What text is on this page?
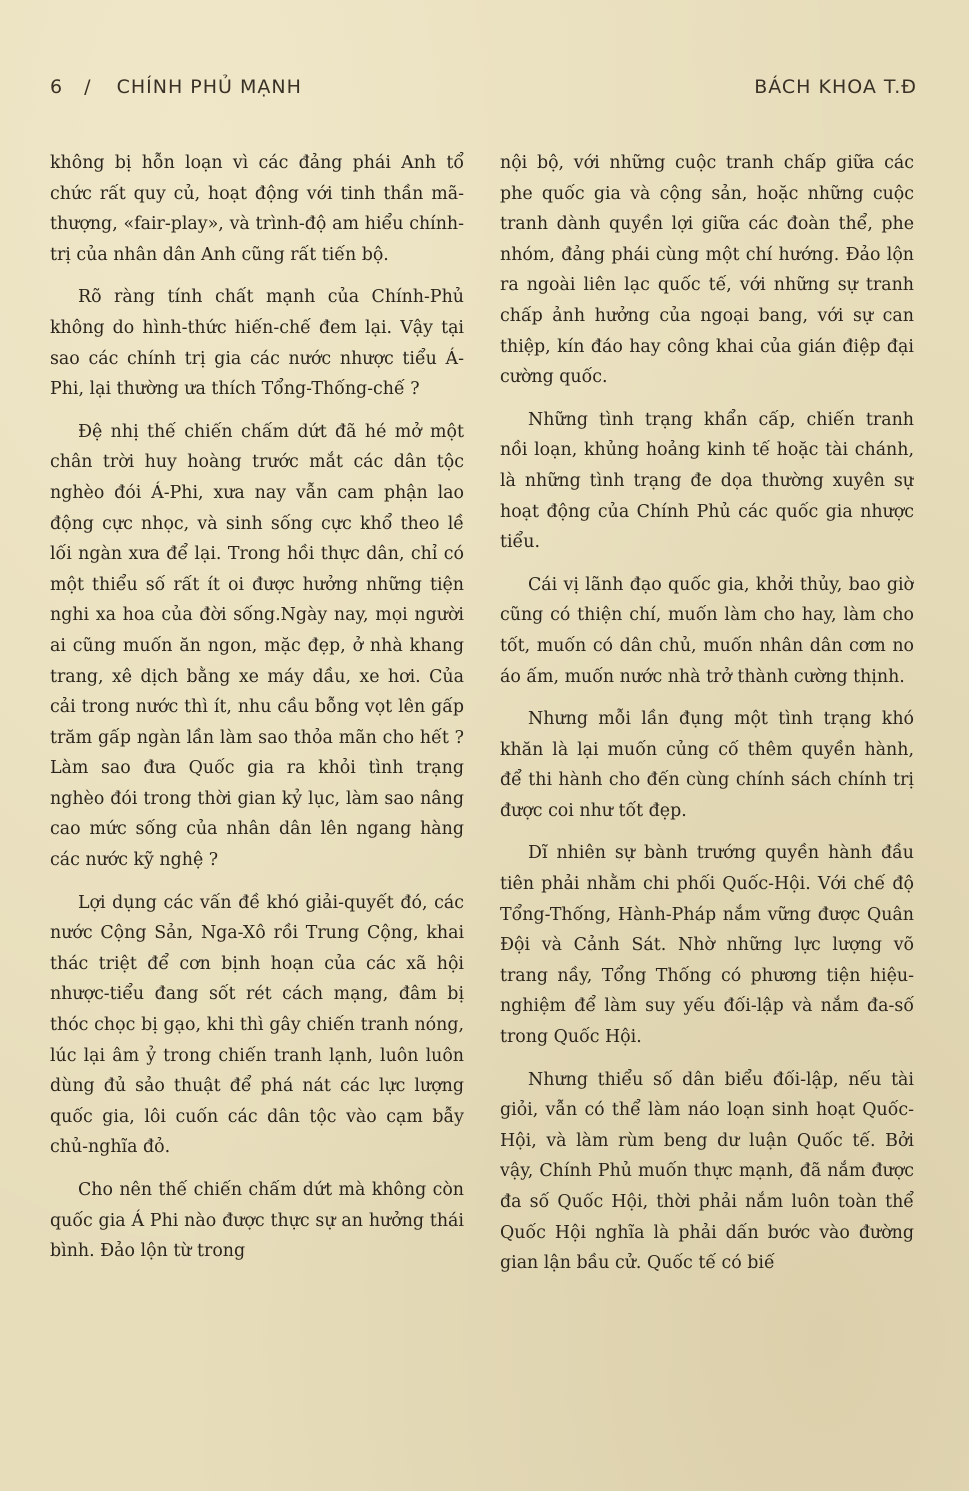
6 / CHÍNH PHỦ MẠNH	BÁCH KHOA T.Đ

không bị hỗn loạn vì các đảng phái Anh tổ chức rất quy củ, hoạt động với tinh thần mã-thượng, «fair-play», và trình-độ am hiểu chính-trị của nhân dân Anh cũng rất tiến bộ.

Rõ ràng tính chất mạnh của Chính-Phủ không do hình-thức hiến-chế đem lại. Vậy tại sao các chính trị gia các nước nhược tiểu Á-Phi, lại thường ưa thích Tổng-Thống-chế ?

Đệ nhị thế chiến chấm dứt đã hé mở một chân trời huy hoàng trước mắt các dân tộc nghèo đói Á-Phi, xưa nay vẫn cam phận lao động cực nhọc, và sinh sống cực khổ theo lề lối ngàn xưa để lại. Trong hồi thực dân, chỉ có một thiểu số rất ít oi được hưởng những tiện nghi xa hoa của đời sống.Ngày nay, mọi người ai cũng muốn ăn ngon, mặc đẹp, ở nhà khang trang, xê dịch bằng xe máy dầu, xe hơi. Của cải trong nước thì ít, nhu cầu bỗng vọt lên gấp trăm gấp ngàn lần làm sao thỏa mãn cho hết ? Làm sao đưa Quốc gia ra khỏi tình trạng nghèo đói trong thời gian kỷ lục, làm sao nâng cao mức sống của nhân dân lên ngang hàng các nước kỹ nghệ ?

Lợi dụng các vấn đề khó giải-quyết đó, các nước Cộng Sản, Nga-Xô rồi Trung Cộng, khai thác triệt để cơn bịnh hoạn của các xã hội nhược-tiểu đang sốt rét cách mạng, đâm bị thóc chọc bị gạo, khi thì gây chiến tranh nóng, lúc lại âm ỷ trong chiến tranh lạnh, luôn luôn dùng đủ sảo thuật để phá nát các lực lượng quốc gia, lôi cuốn các dân tộc vào cạm bẫy chủ-nghĩa đỏ.

Cho nên thế chiến chấm dứt mà không còn quốc gia Á Phi nào được thực sự an hưởng thái bình. Đảo lộn từ trong

nội bộ, với những cuộc tranh chấp giữa các phe quốc gia và cộng sản, hoặc những cuộc tranh dành quyền lợi giữa các đoàn thể, phe nhóm, đảng phái cùng một chí hướng. Đảo lộn ra ngoài liên lạc quốc tế, với những sự tranh chấp ảnh hưởng của ngoại bang, với sự can thiệp, kín đáo hay công khai của gián điệp đại cường quốc.

Những tình trạng khẩn cấp, chiến tranh nồi loạn, khủng hoảng kinh tế hoặc tài chánh, là những tình trạng đe dọa thường xuyên sự hoạt động của Chính Phủ các quốc gia nhược tiểu.

Cái vị lãnh đạo quốc gia, khởi thủy, bao giờ cũng có thiện chí, muốn làm cho hay, làm cho tốt, muốn có dân chủ, muốn nhân dân cơm no áo ấm, muốn nước nhà trở thành cường thịnh.

Nhưng mỗi lần đụng một tình trạng khó khăn là lại muốn củng cố thêm quyền hành, để thi hành cho đến cùng chính sách chính trị được coi như tốt đẹp.

Dĩ nhiên sự bành trướng quyền hành đầu tiên phải nhằm chi phối Quốc-Hội. Với chế độ Tổng-Thống, Hành-Pháp nắm vững được Quân Đội và Cảnh Sát. Nhờ những lực lượng võ trang nầy, Tổng Thống có phương tiện hiệu-nghiệm để làm suy yếu đối-lập và nắm đa-số trong Quốc Hội.

Nhưng thiểu số dân biểu đối-lập, nếu tài giỏi, vẫn có thể làm náo loạn sinh hoạt Quốc-Hội, và làm rùm beng dư luận Quốc tế. Bởi vậy, Chính Phủ muốn thực mạnh, đã nắm được đa số Quốc Hội, thời phải nắm luôn toàn thể Quốc Hội nghĩa là phải dấn bước vào đường gian lận bầu cử. Quốc tế có biế
